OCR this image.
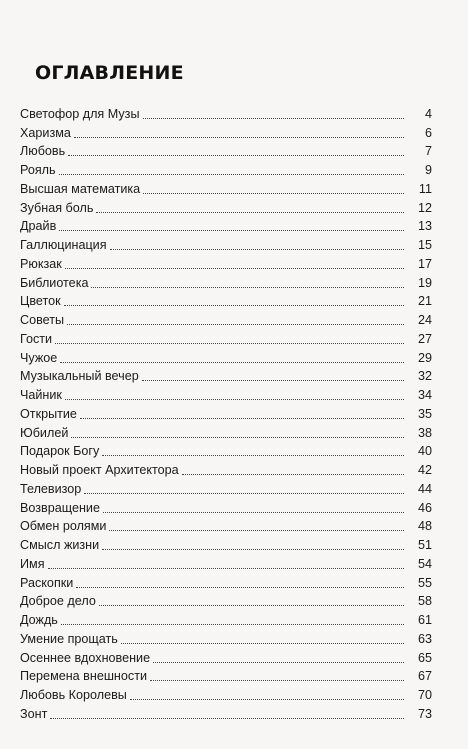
ОГЛАВЛЕНИЕ
Светофор для Музы	4
Харизма	6
Любовь	7
Рояль	9
Высшая математика	11
Зубная боль	12
Драйв	13
Галлюцинация	15
Рюкзак	17
Библиотека	19
Цветок	21
Советы	24
Гости	27
Чужое	29
Музыкальный вечер	32
Чайник	34
Открытие	35
Юбилей	38
Подарок Богу	40
Новый проект Архитектора	42
Телевизор	44
Возвращение	46
Обмен ролями	48
Смысл жизни	51
Имя	54
Раскопки	55
Доброе дело	58
Дождь	61
Умение прощать	63
Осеннее вдохновение	65
Перемена внешности	67
Любовь Королевы	70
Зонт	73
